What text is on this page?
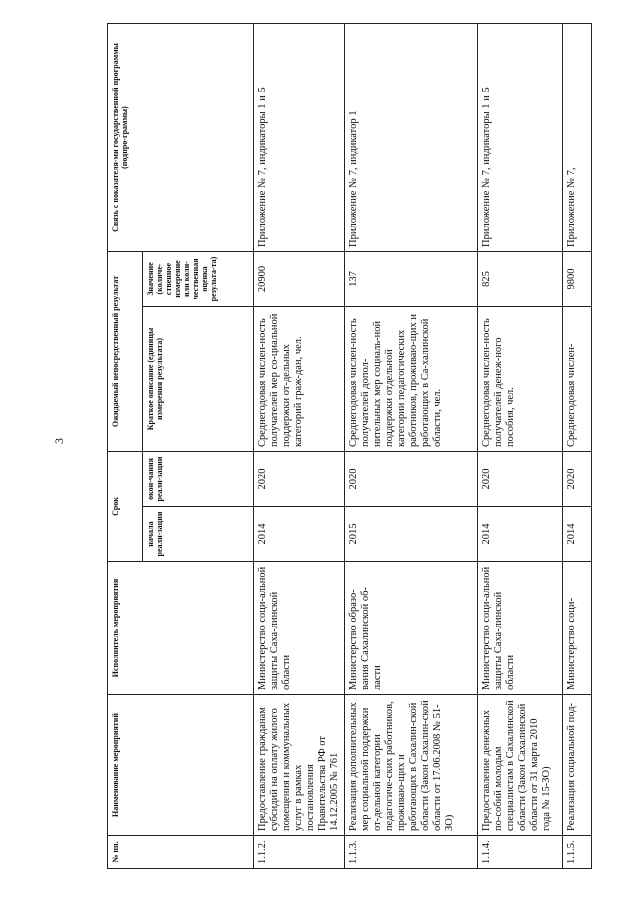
3
№ пп.	Наименование мероприятий	Исполнитель мероприятия	Срок		Ожидаемый непосредственный результат		Связь с показателя-ми государственной программы (подпро-граммы)
			начала реали-зации	окон-чания реали-зации	Краткое описание (единицы измерения результата)	Значение (количе-ственное измерение или коли-чественная оценка результа-та)	
1.1.2.	Предоставление гражданам субсидий на оплату жилого помещения и коммунальных услуг в рамках постановления Правительства РФ от 14.12.2005 № 761	Министерство соци-альной защиты Саха-линской области	2014	2020	Среднегодовая числен-ность получателей мер со-циальной поддержки от-дельных категорий граж-дан, чел.	20900	Приложение № 7, индикаторы 1 и 5
1.1.3.	Реализация дополнительных мер социальной поддержки от-дельной категории педагогиче-ских работников, проживаю-щих и работающих в Сахалин-ской области (Закон Сахалин-ской области от 17.06.2008 № 51-ЗО)	Министерство образо-вания Сахалинской об-ласти	2015	2020	Среднегодовая числен-ность получателей допол-нительных мер социаль-ной поддержки отдельной категории педагогических работников, проживаю-щих и работающих в Са-халинской области, чел.	137	Приложение № 7, индикатор 1
1.1.4.	Предоставление денежных по-собий молодым специалистам в Сахалинской области (Закон Сахалинской области от 31 марта 2010 года № 15-ЗО)	Министерство соци-альной защиты Саха-линской области	2014	2020	Среднегодовая числен-ность получателей денеж-ного пособия, чел.	825	Приложение № 7, индикаторы 1 и 5
1.1.5.	Реализация социальной под-	Министерство соци-	2014	2020	Среднегодовая числен-	9800	Приложение № 7,
